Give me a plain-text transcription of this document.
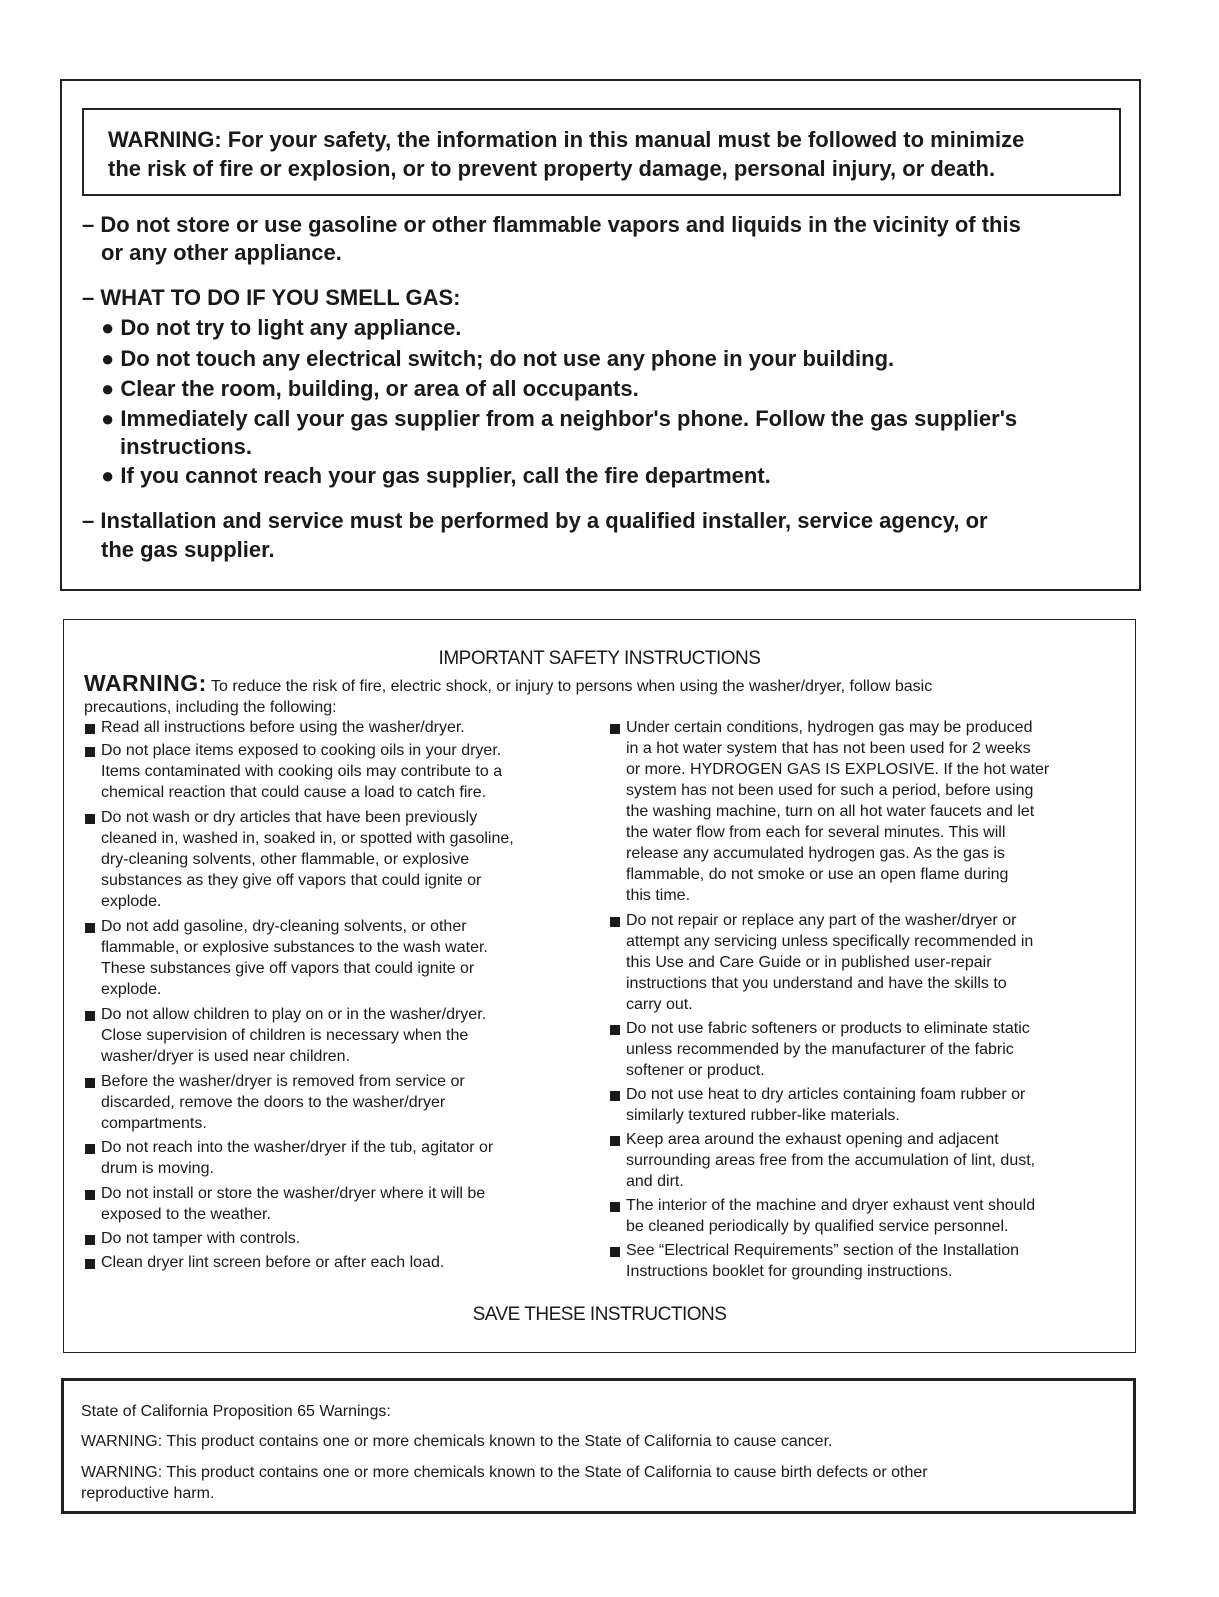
WARNING: For your safety, the information in this manual must be followed to minimize
the risk of fire or explosion, or to prevent property damage, personal injury, or death.
– Do not store or use gasoline or other flammable vapors and liquids in the vicinity of this
or any other appliance.
– WHAT TO DO IF YOU SMELL GAS:
● Do not try to light any appliance.
● Do not touch any electrical switch; do not use any phone in your building.
● Clear the room, building, or area of all occupants.
● Immediately call your gas supplier from a neighbor's phone. Follow the gas supplier's
instructions.
● If you cannot reach your gas supplier, call the fire department.
– Installation and service must be performed by a qualified installer, service agency, or
the gas supplier.
IMPORTANT SAFETY INSTRUCTIONS
WARNING: To reduce the risk of fire, electric shock, or injury to persons when using the washer/dryer, follow basic
precautions, including the following:
Read all instructions before using the washer/dryer.
Do not place items exposed to cooking oils in your dryer.
Items contaminated with cooking oils may contribute to a
chemical reaction that could cause a load to catch fire.
Do not wash or dry articles that have been previously
cleaned in, washed in, soaked in, or spotted with gasoline,
dry-cleaning solvents, other flammable, or explosive
substances as they give off vapors that could ignite or
explode.
Do not add gasoline, dry-cleaning solvents, or other
flammable, or explosive substances to the wash water.
These substances give off vapors that could ignite or
explode.
Do not allow children to play on or in the washer/dryer.
Close supervision of children is necessary when the
washer/dryer is used near children.
Before the washer/dryer is removed from service or
discarded, remove the doors to the washer/dryer
compartments.
Do not reach into the washer/dryer if the tub, agitator or
drum is moving.
Do not install or store the washer/dryer where it will be
exposed to the weather.
Do not tamper with controls.
Clean dryer lint screen before or after each load.
Under certain conditions, hydrogen gas may be produced
in a hot water system that has not been used for 2 weeks
or more. HYDROGEN GAS IS EXPLOSIVE. If the hot water
system has not been used for such a period, before using
the washing machine, turn on all hot water faucets and let
the water flow from each for several minutes. This will
release any accumulated hydrogen gas. As the gas is
flammable, do not smoke or use an open flame during
this time.
Do not repair or replace any part of the washer/dryer or
attempt any servicing unless specifically recommended in
this Use and Care Guide or in published user-repair
instructions that you understand and have the skills to
carry out.
Do not use fabric softeners or products to eliminate static
unless recommended by the manufacturer of the fabric
softener or product.
Do not use heat to dry articles containing foam rubber or
similarly textured rubber-like materials.
Keep area around the exhaust opening and adjacent
surrounding areas free from the accumulation of lint, dust,
and dirt.
The interior of the machine and dryer exhaust vent should
be cleaned periodically by qualified service personnel.
See “Electrical Requirements” section of the Installation
Instructions booklet for grounding instructions.
SAVE THESE INSTRUCTIONS
State of California Proposition 65 Warnings:
WARNING: This product contains one or more chemicals known to the State of California to cause cancer.
WARNING: This product contains one or more chemicals known to the State of California to cause birth defects or other
reproductive harm.
